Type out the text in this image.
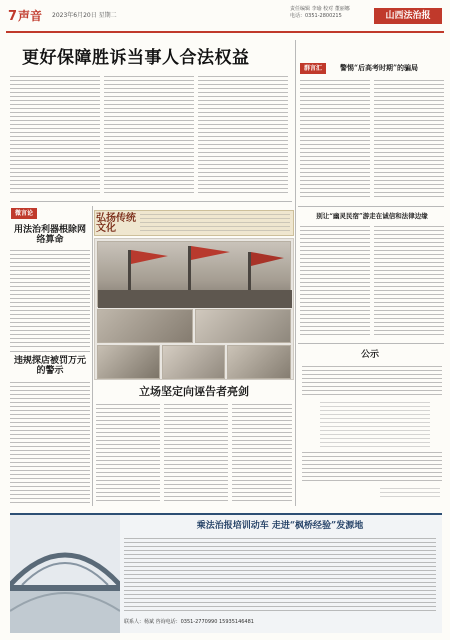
7 声音 2023年6月20日 星期二
责任编辑 李瑜 校对 董丽娜
电话：0351-2800215	山西法治报
更好保障胜诉当事人合法权益
微言论
用法治利器根除网络算命
违规探店被罚万元的警示
弘扬传统文化
立场坚定向诬告者亮剑
群言汇	警惕“后高考时期”的骗局
别让“幽灵民宿”游走在诚信和法律边缘
公示
乘法治报培训动车 走进“枫桥经验”发源地
联系人：杨斌 咨询电话：0351-2770990 15935146481
